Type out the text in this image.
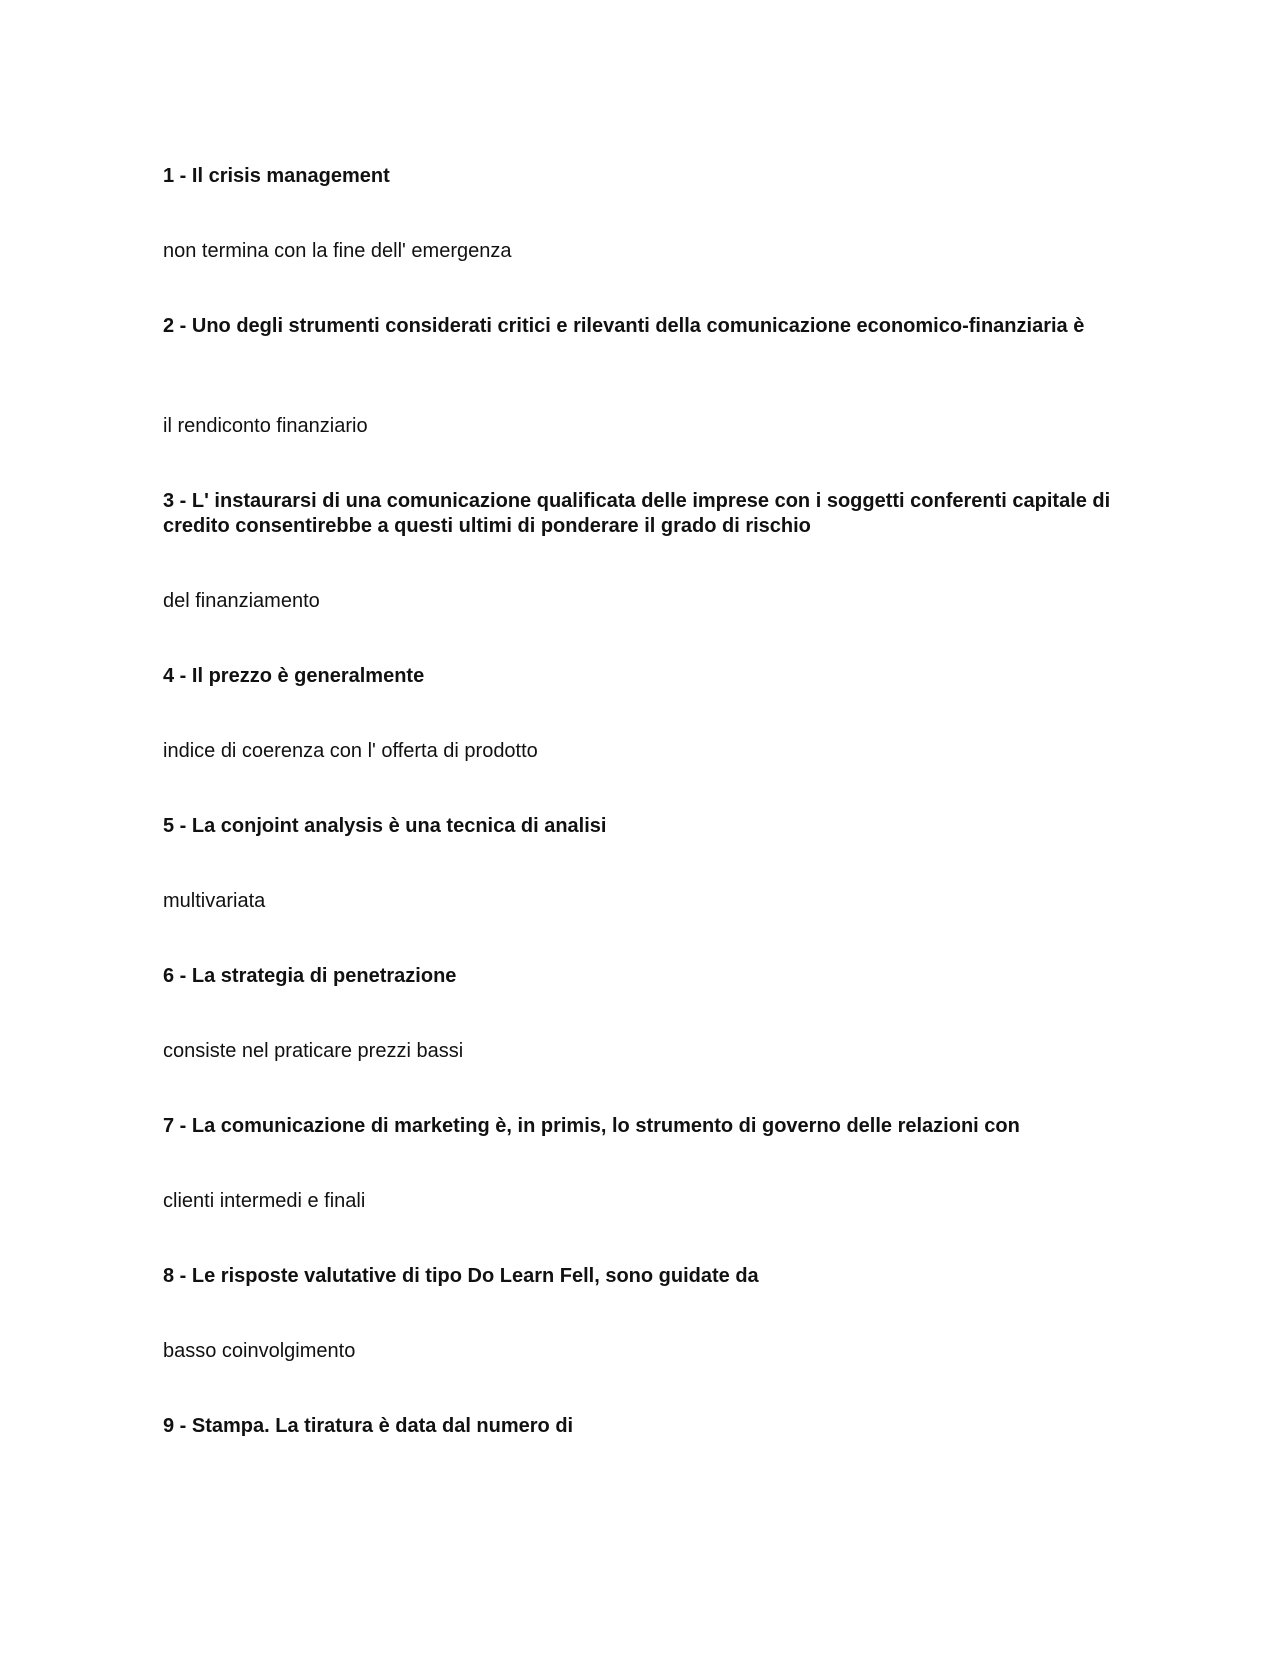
1 - Il crisis management

non termina con la fine dell' emergenza

2 - Uno degli strumenti considerati critici e rilevanti della comunicazione economico-finanziaria è

il rendiconto finanziario

3 - L' instaurarsi di una comunicazione qualificata delle imprese con i soggetti conferenti capitale di credito consentirebbe a questi ultimi di ponderare il grado di rischio

del finanziamento

4 - Il prezzo è generalmente

indice di coerenza con l' offerta di prodotto

5 - La conjoint analysis è una tecnica di analisi

multivariata

6 - La strategia di penetrazione

consiste nel praticare prezzi bassi

7 - La comunicazione di marketing è, in primis, lo strumento di governo delle relazioni con

clienti intermedi e finali

8 - Le risposte valutative di tipo Do Learn Fell, sono guidate da

basso coinvolgimento

9 - Stampa. La tiratura è data dal numero di
